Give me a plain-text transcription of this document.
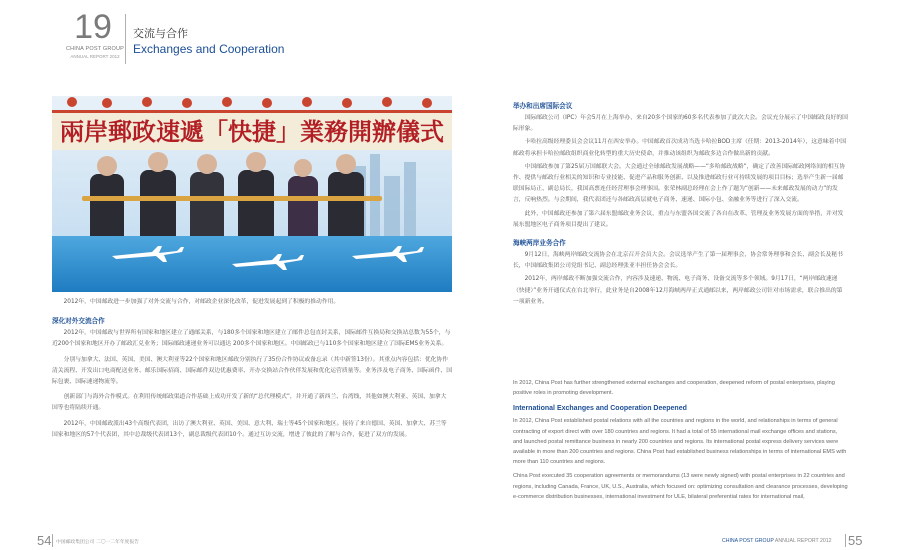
19
CHINA POST GROUP
ANNUAL REPORT 2012
交流与合作
Exchanges and Cooperation
兩岸郵政速遞「快捷」業務開辦儀式

2012年，中国邮政进一步加强了对外交流与合作，对邮政企业深化改革，促进发展起到了积极的推动作用。

深化对外交流合作

2012年，中国邮政与世界所有国家和地区建立了通邮关系，与180多个国家和地区建立了邮件总包直封关系，国际邮件互换局和交换站总数为55个，与近200个国家和地区开办了邮政汇兑业务；国际邮政速递业务可以通达 200多个国家和地区。中国邮政已与110多个国家和地区建立了国际EMS业务关系。

分别与加拿大、法国、英国、美国、澳大利亚等22个国家和地区邮政分别执行了35份合作协议或备忘录（其中新签13份）。其重点内容包括：优化协作清关流程、开发出口电商配送业务、邮乐国际招商、国际邮件双边优惠费率、开办交换站合作伙伴发展和优化运营质量等。业务涉及电子商务、国际函件、国际包裹、国际速递物流等。

创新部门与海外合作模式。在利用传统邮政渠道合作基础上成功开发了新的“总代理模式”，并开通了新西兰、台湾线，其他如澳大利亚、英国、加拿大国等也将陆续开通。

2012年，中国邮政派出43个高级代表团，出访了澳大利亚、英国、美国、意大利、瑞士等45个国家和地区。接待了来自德国、英国、加拿大、苏兰等国家和地区的57个代表团，其中总裁级代表团13个，副总裁级代表团10个。通过互访交流，增进了彼此的了解与合作，促进了双方的发展。

举办和出席国际会议

国际邮政公司（IPC）年会5月在上海举办，来自20多个国家的60多名代表参加了此次大会。会议充分展示了中国邮政良好的国际形象。

卡哈拉高级经理委员会会议11月在西安举办。中国邮政首次成功当选卡哈拉BOD主席（任期：2013-2014年），这意味着中国邮政将承担卡哈拉邮政组织商业化转型的重大历史使命，并推动该组织为邮政多边合作做出新的贡献。

中国邮政参加了第25届万国邮联大会。大会通过全球邮政发展战略——“多哈邮政战略”，确定了改善国际邮政网络间的相互协作、提供与邮政行业相关的知识和专业技能、促进产品和服务创新、以及推进邮政行业可持续发展的项目目标；选举产生新一届邮联国际局正、副总局长，我国高票连任经营理事会理事国。张荣林副总经理在会上作了题为“创新——未来邮政发展的动力”的发言，反响热烈。与会期间，我代表团还与各邮政高层就电子商务、速递、国际小包、金融业务等进行了深入交流。

此外，中国邮政还参加了第六届东盟邮政业务会议，重点与东盟各国交流了各自在改革、管理及业务发展方面的举措，并对发展东盟地区电子商务项目提出了建议。

海峡两岸业务合作

9月12日，海峡两岸邮政交流协会在北京召开会员大会。会议选举产生了第一届理事会，协会常务理事和会长、副会长及秘书长，中国邮政集团公司党组书记、副总经理张亚丰担任协会会长。

2012年，两岸邮政不断加强交流合作，内容涉及速递、物流、电子商务、设备交流等多个领域。9月17日，“两岸邮政速递（快捷）”业务开通仪式在台北举行，此业务是自2008年12月海峡两岸正式通邮以来，两岸邮政公司针对市场需求，联合推出的第一项新业务。

In 2012, China Post has further strengthened external exchanges and cooperation, deepened reform of postal enterprises, playing positive roles in promoting development.

International Exchanges and Cooperation Deepened

In 2012, China Post established postal relations with all the countries and regions in the world, and relationships in terms of general contracting of export direct with over 180 countries and regions. It had a total of 55 international mail exchange offices and stations, and launched postal remittance business in nearly 200 countries and regions. Its international postal express delivery services were available in more than 200 countries and regions. China Post had established business relationships in terms of international EMS with more than 110 countries and regions.

China Post executed 35 cooperation agreements or memorandums (13 were newly signed) with postal enterprises in 22 countries and regions, including Canada, France, UK, U.S., Australia, which focused on: optimizing consultation and clearance processes, developing e-commerce distribution businesses, international investment for ULE, bilateral preferential rates for international mail,

54 中国邮政集团公司 二〇一二年年度报告	CHINA POST GROUP ANNUAL REPORT 2012 55
